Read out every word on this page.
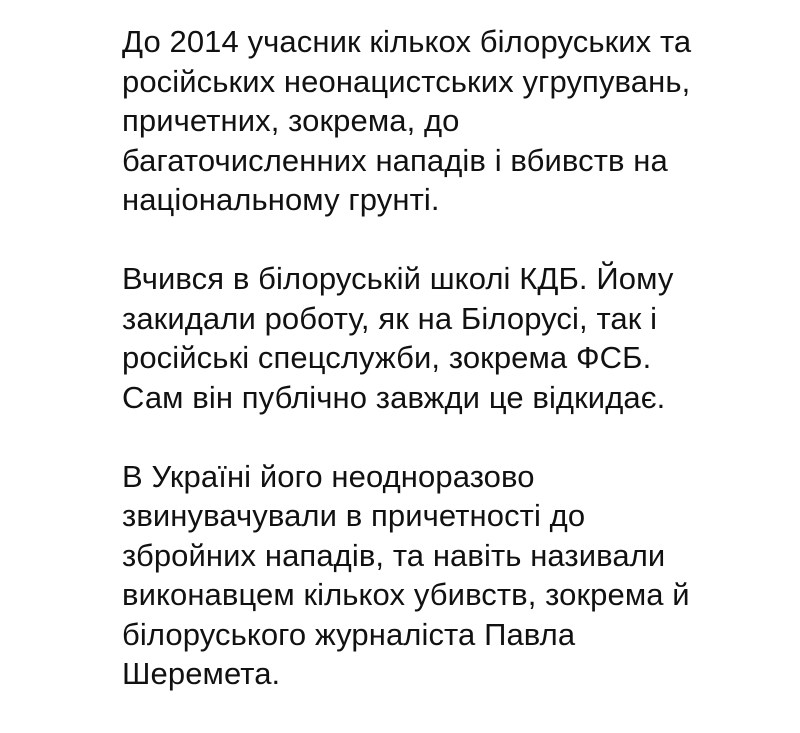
До 2014 учасник кількох білоруських та
російських неонацистських угрупувань,
причетних, зокрема, до
багаточисленних нападів і вбивств на
національному грунті.

Вчився в білоруській школі КДБ. Йому
закидали роботу, як на Білорусі, так і
російські спецслужби, зокрема ФСБ.
Сам він публічно завжди це відкидає.

В Україні його неодноразово
звинувачували в причетності до
збройних нападів, та навіть називали
виконавцем кількох убивств, зокрема й
білоруського журналіста Павла
Шеремета.
